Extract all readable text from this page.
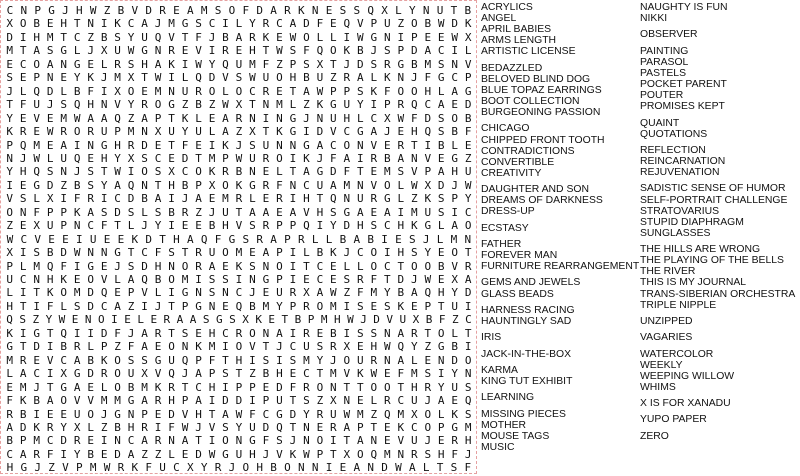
C N P G J H W Z B V D R E A M S O F D A R K N E S S Q X L Y N U T B
X O B E H T N I K C A J M G S C I L Y R C A D F E Q V P U Z O B W D K
D I H M T C Z B S Y U Q V T F J B A R K E W O L L I W G N I P E E W X
M T A S G L J X U W G N R E V I R E H T W S F Q O K B J S P D A C I L
E C O A N G E L R S H A K I W Y Q U M F Z P S X T J D S R G B M S N V
S E P N E Y K J M X T W I L Q D V S W U O H B U Z R A L K N J F G C P
J L Q D L B F I X O E M N U R O L O C R E T A W P P S K F O O H L A G
T F U J S Q H N V Y R O G Z B Z W X T N M L Z K G U Y I P R Q C A E D
Y E V E M W A A Q Z A P T K L E A R N I N G J N U H L C X W F D S O B
K R E W R O R U P M N X U Y U L A Z X T K G I D V C G A J E H Q S B F
P Q M E A I N G H R D E T F E I K J S U N N G A C O N V E R T I B L E
N J W L U Q E H Y X S C E D T M P W U R O I K J F A I R B A N V E G Z
Y H Q S N J S T W I O S X C O K R B N E L T A G D F T E M S V P A H U
I E G D Z B S Y A Q N T H B P X O K G R F N C U A M N V O L W X D J W
V S L X I F R I C D B A I J A E M R L E R I H T Q N U R G L Z K S P Y
O N F P P K A S D S L S B R Z J U T A A E A V H S G A E A I M U S I C
Z E X U P N C F T L J Y I E E B H V S R P P Q I Y D H S C H K G L A O
W C V E E I U E E K D T H A Q F G S R A P R L L B A B I E S J L M N
X I S B D W N N G T C F S T R U O M E A P I L B K J C O I H S Y E O T
P L M Q F I G E J S D H N O R A E K S N O I T C E L L O C T O O B V R
U C N H K E O V L A Q B O M I S S I N G P I E C E S R F T D J W E X A
L I T K O M D Q E P V L I G N S N C J E U R X A W Z F M Y B A Q H Y D
H T I F L S D C A Z I J T P G N E Q B M Y P R O M I S E S K E P T U I
Q S Z Y W E N O I E L E R A A S G S X K E T B P M H W J D V U X B F Z C
K I G T Q I I D F J A R T S E H C R O N A I R E B I S S N A R T O L T
G T D I B R L P Z F A E O N K M I O V T J C U S R X E H W Q Y Z G B I
M R E V C A B K O S S G U Q P F T H I S I S M Y J O U R N A L E N D O
L A C I X G D R O U X V Q J A P S T Z B H E C T M V K W E F M S I Y N
E M J T G A E L O B M K R T C H I P P E D F R O N T T O O T H R Y U S
F K B A O V V M M G A R H P A I D D I P U T S Z X N E L R C U J A E Q
R B I E E U O J G N P E D V H T A W F C G D Y R U W M Z Q M X O L K S
A D K R Y X L Z B H R I F W J V S Y U D Q T N E R A P T E K C O P G M
B P M C D R E I N C A R N A T I O N G F S J N O I T A N E V U J E R H
C A R F I Y B E D A Z Z L E D W G U H J V K W P T X O Q M N R S H F J
H G J Z V P M W R K F U C X Y R J O H B O N N I E A N D W A L T S F
ACRYLICS
ANGEL
APRIL BABIES
ARMS LENGTH
ARTISTIC LICENSE
BEDAZZLED
BELOVED BLIND DOG
BLUE TOPAZ EARRINGS
BOOT COLLECTION
BURGEONING PASSION
CHICAGO
CHIPPED FRONT TOOTH
CONTRADICTIONS
CONVERTIBLE
CREATIVITY
DAUGHTER AND SON
DREAMS OF DARKNESS
DRESS-UP
ECSTASY
FATHER
FOREVER MAN
FURNITURE REARRANGEMENT
GEMS AND JEWELS
GLASS BEADS
HARNESS RACING
HAUNTINGLY SAD
IRIS
JACK-IN-THE-BOX
KARMA
KING TUT EXHIBIT
LEARNING
MISSING PIECES
MOTHER
MOUSE TAGS
MUSIC
NAUGHTY IS FUN
NIKKI
OBSERVER
PAINTING
PARASOL
PASTELS
POCKET PARENT
POUTER
PROMISES KEPT
QUAINT
QUOTATIONS
REFLECTION
REINCARNATION
REJUVENATION
SADISTIC SENSE OF HUMOR
SELF-PORTRAIT CHALLENGE
STRATOVARIUS
STUPID DIAPHRAGM
SUNGLASSES
THE HILLS ARE WRONG
THE PLAYING OF THE BELLS
THE RIVER
THIS IS MY JOURNAL
TRANS-SIBERIAN ORCHESTRA
TRIPLE NIPPLE
UNZIPPED
VAGARIES
WATERCOLOR
WEEKLY
WEEPING WILLOW
WHIMS
X IS FOR XANADU
YUPO PAPER
ZERO
